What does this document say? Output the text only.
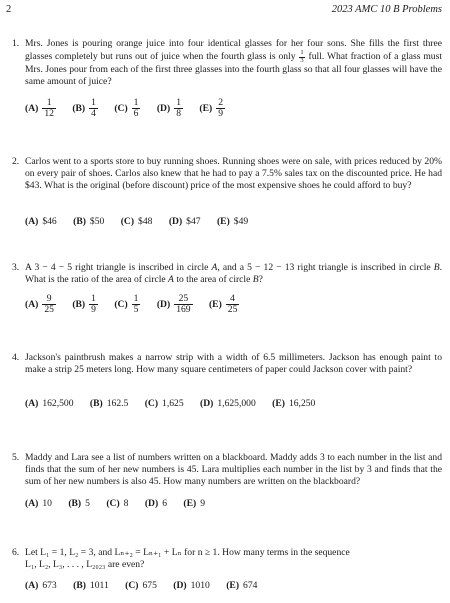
2	2023 AMC 10 B Problems
1. Mrs. Jones is pouring orange juice into four identical glasses for her four sons. She fills the first three glasses completely but runs out of juice when the fourth glass is only $\frac{1}{3}$ full. What fraction of a glass must Mrs. Jones pour from each of the first three glasses into the fourth glass so that all four glasses will have the same amount of juice?
$(A) \frac{1}{12}$
$(B) \frac{1}{4}$
$(C) \frac{1}{6}$
$(D) \frac{1}{8}$
$(E) \frac{2}{9}$
2. Carlos went to a sports store to buy running shoes. Running shoes were on sale, with prices reduced by 20% on every pair of shoes. Carlos also knew that he had to pay a 7.5% sales tax on the discounted price. He had $43. What is the original (before discount) price of the most expensive shoes he could afford to buy?
(A) $46
(B) $50
(C) $48
(D) $47
(E) $49
3. A 3 − 4 − 5 right triangle is inscribed in circle A, and a 5 − 12 − 13 right triangle is inscribed in circle B. What is the ratio of the area of circle A to the area of circle B?
$(A) \frac{9}{25}$
$(B) \frac{1}{9}$
$(C) \frac{1}{5}$
$(D) \frac{25}{169}$
$(E) \frac{4}{25}$
4. Jackson's paintbrush makes a narrow strip with a width of 6.5 millimeters. Jackson has enough paint to make a strip 25 meters long. How many square centimeters of paper could Jackson cover with paint?
(A) 162,500
(B) 162.5
(C) 1,625
(D) 1,625,000
(E) 16,250
5. Maddy and Lara see a list of numbers written on a blackboard. Maddy adds 3 to each number in the list and finds that the sum of her new numbers is 45. Lara multiplies each number in the list by 3 and finds that the sum of her new numbers is also 45. How many numbers are written on the blackboard?
(A) 10
(B) 5
(C) 8
(D) 6
(E) 9
6. Let L₁ = 1, L₂ = 3, and Lₙ₊₂ = Lₙ₊₁ + Lₙ for n ≥ 1. How many terms in the sequence
L₁, L₂, L₃, . . . , L₂₀₂₃ are even?
(A) 673
(B) 1011
(C) 675
(D) 1010
(E) 674
